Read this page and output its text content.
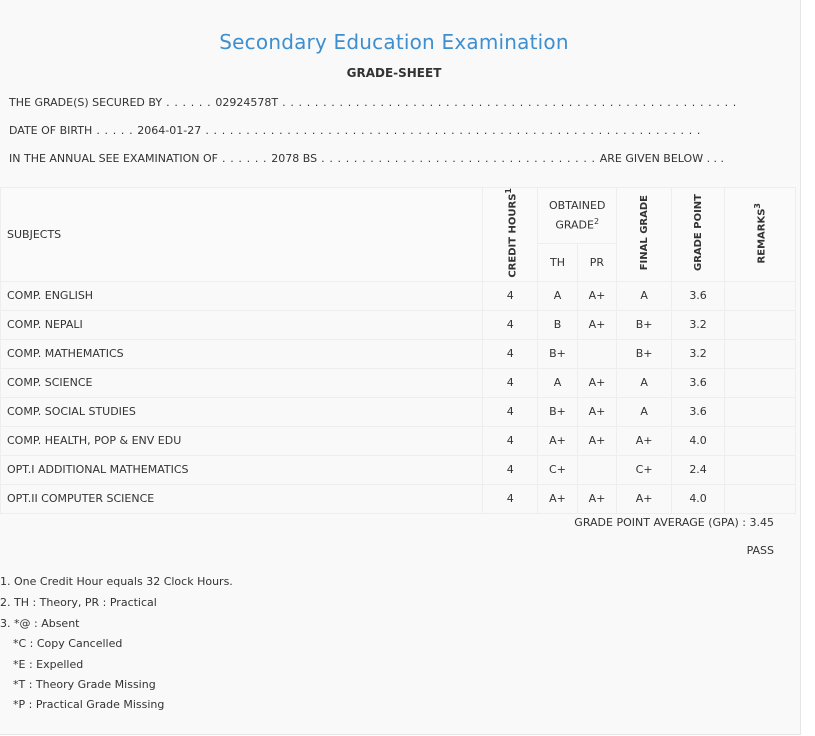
Secondary Education Examination
GRADE-SHEET
THE GRADE(S) SECURED BY . . . . . . 02924578T . . . . . . . . . . . . . . . . . . . . . . . . . . . . . . . . . . . . . . . . . . . . . . . . . . . . . . . .
DATE OF BIRTH . . . . . 2064-01-27 . . . . . . . . . . . . . . . . . . . . . . . . . . . . . . . . . . . . . . . . . . . . . . . . . . . . . . . . . . . . .
IN THE ANNUAL SEE EXAMINATION OF . . . . . . 2078 BS . . . . . . . . . . . . . . . . . . . . . . . . . . . . . . . . . . ARE GIVEN BELOW . . .
SUBJECTS	CREDIT HOURS$^1$	OBTAINED GRADE$^2$		FINAL GRADE	GRADE POINT	REMARKS$^3$
		TH	PR			
COMP. ENGLISH	4	A	A+	A	3.6	
COMP. NEPALI	4	B	A+	B+	3.2	
COMP. MATHEMATICS	4	B+		B+	3.2	
COMP. SCIENCE	4	A	A+	A	3.6	
COMP. SOCIAL STUDIES	4	B+	A+	A	3.6	
COMP. HEALTH, POP & ENV EDU	4	A+	A+	A+	4.0	
OPT.I ADDITIONAL MATHEMATICS	4	C+		C+	2.4	
OPT.II COMPUTER SCIENCE	4	A+	A+	A+	4.0	
GRADE POINT AVERAGE (GPA) : 3.45
PASS
1. One Credit Hour equals 32 Clock Hours.
2. TH : Theory, PR : Practical
3. *@ : Absent
*C : Copy Cancelled
*E : Expelled
*T : Theory Grade Missing
*P : Practical Grade Missing
